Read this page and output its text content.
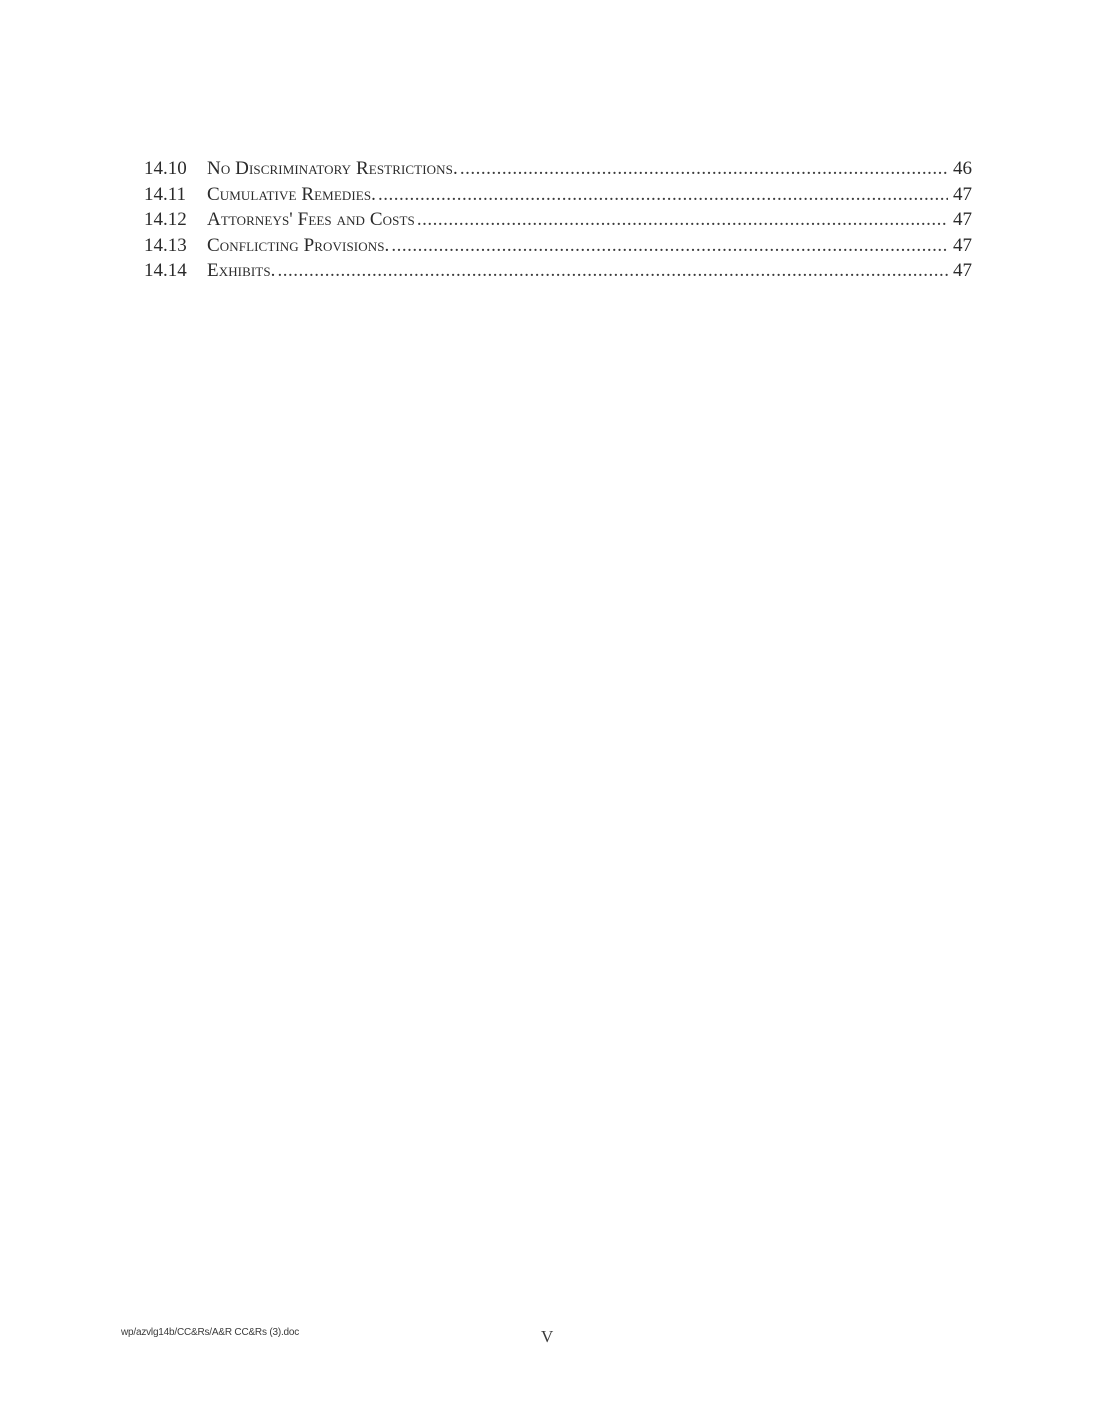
14.10	No Discriminatory Restrictions. .....	46
14.11	Cumulative Remedies. .....	47
14.12	Attorneys' Fees and Costs .....	47
14.13	Conflicting Provisions. .....	47
14.14	Exhibits. .....	47
wp/azvlg14b/CC&Rs/A&R CC&Rs (3).doc	V
